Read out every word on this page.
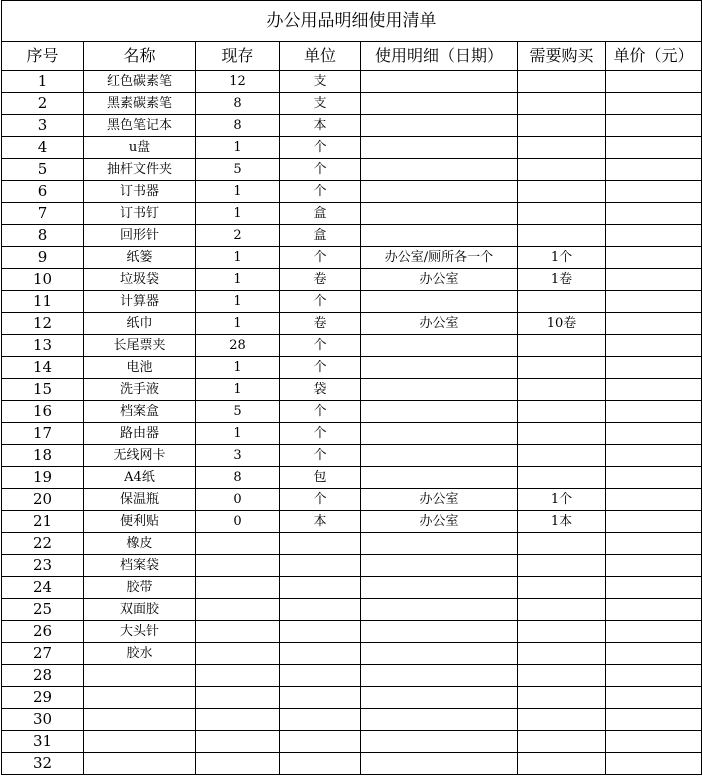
办公用品明细使用清单						
序号	名称	现存	单位	使用明细（日期）	需要购买	单价（元）
1	红色碳素笔	12	支			
2	黑素碳素笔	8	支			
3	黑色笔记本	8	本			
4	u盘	1	个			
5	抽杆文件夹	5	个			
6	订书器	1	个			
7	订书钉	1	盒			
8	回形针	2	盒			
9	纸篓	1	个	办公室/厕所各一个	1个	
10	垃圾袋	1	卷	办公室	1卷	
11	计算器	1	个			
12	纸巾	1	卷	办公室	10卷	
13	长尾票夹	28	个			
14	电池	1	个			
15	洗手液	1	袋			
16	档案盒	5	个			
17	路由器	1	个			
18	无线网卡	3	个			
19	A4纸	8	包			
20	保温瓶	0	个	办公室	1个	
21	便利贴	0	本	办公室	1本	
22	橡皮					
23	档案袋					
24	胶带					
25	双面胶					
26	大头针					
27	胶水					
28						
29						
30						
31						
32						
